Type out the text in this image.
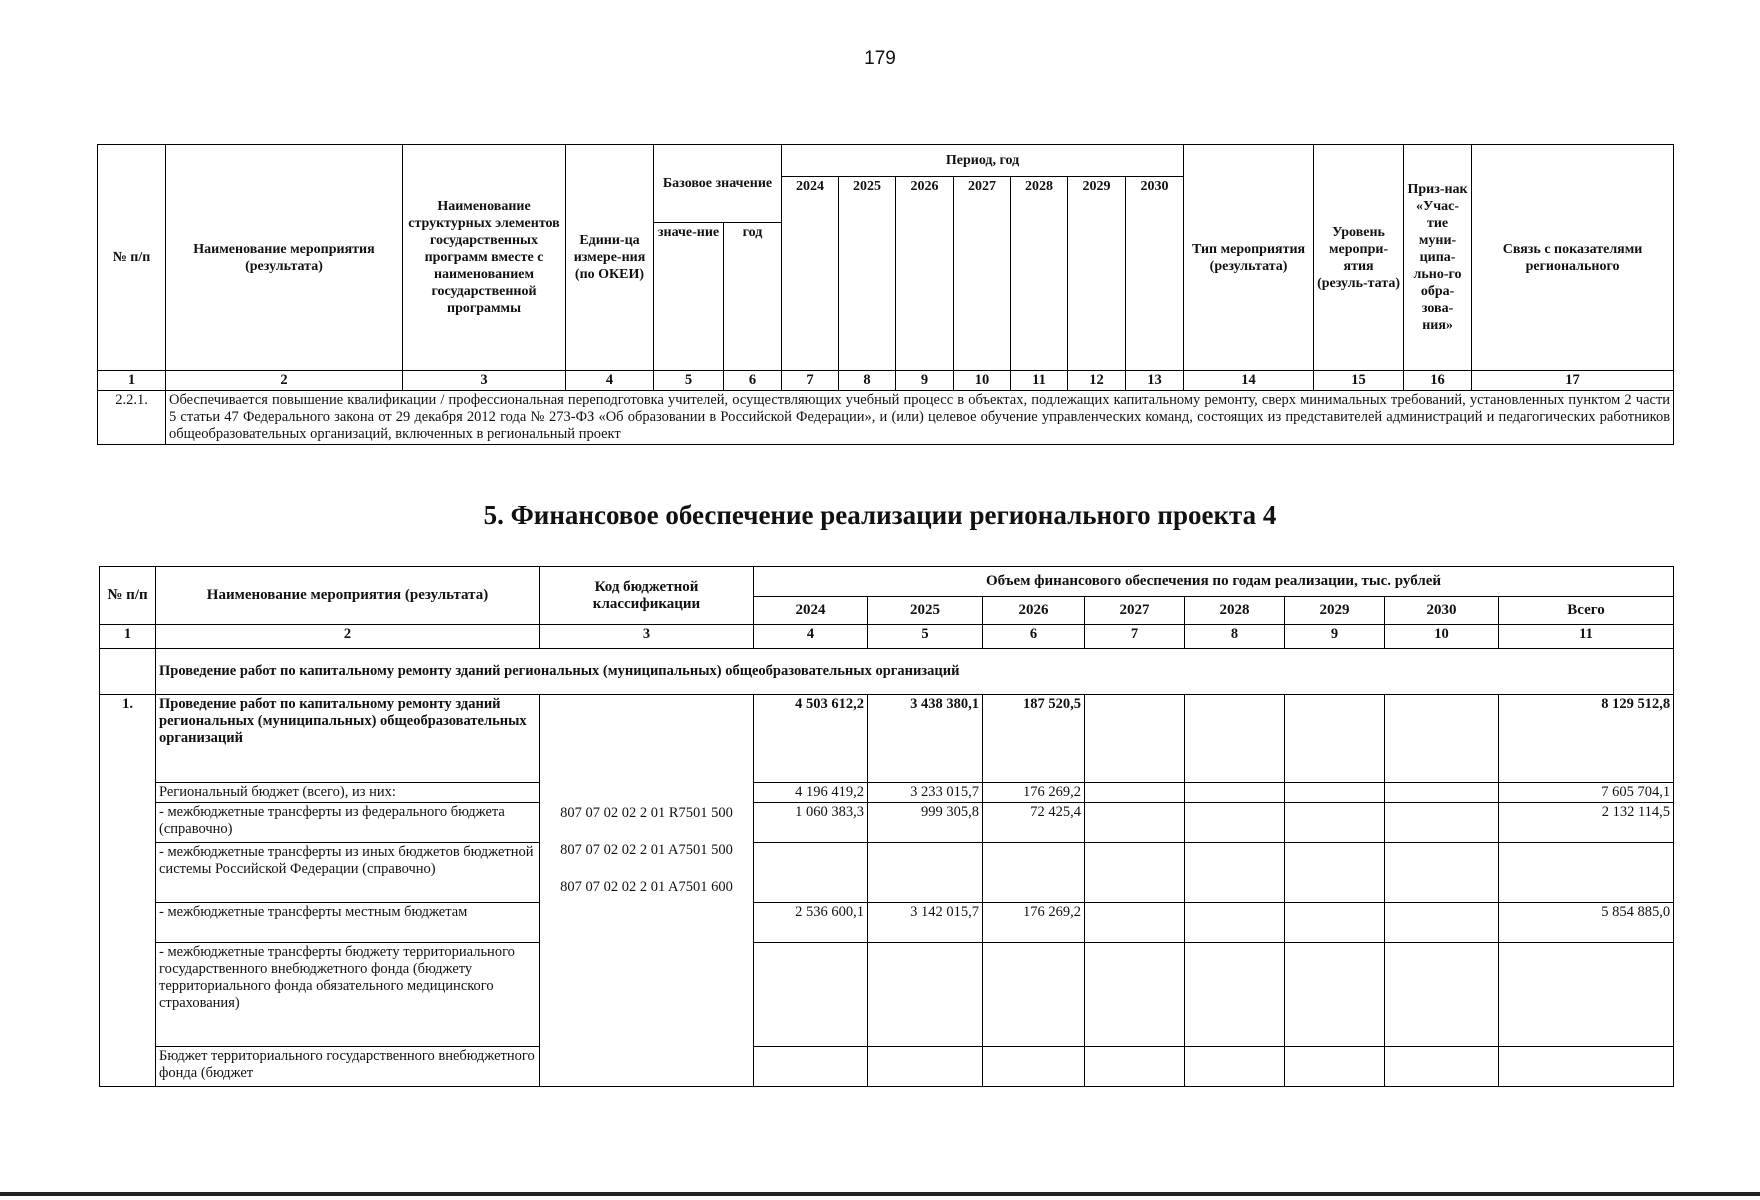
179
№ п/п	Наименование мероприятия (результата)	Наименование структурных элементов государственных программ вместе с наименованием государственной программы	Едини-ца измере-ния (по ОКЕИ)	Базовое значение		Период, год							Тип мероприятия (результата)	Уровень меропри-ятия (резуль-тата)	Приз-нак «Учас-тие муни-ципа-льно-го обра-зова-ния»	Связь с показателями регионального
						2024	2025	2026	2027	2028	2029	2030				
				значе-ние	год											
1	2	3	4	5	6	7	8	9	10	11	12	13	14	15	16	17
2.2.1.	Обеспечивается повышение квалификации / профессиональная переподготовка учителей, осуществляющих учебный процесс в объектах, подлежащих капитальному ремонту, сверх минимальных требований, установленных пунктом 2 части 5 статьи 47 Федерального закона от 29 декабря 2012 года № 273-ФЗ «Об образовании в Российской Федерации», и (или) целевое обучение управленческих команд, состоящих из представителей администраций и педагогических работников общеобразовательных организаций, включенных в региональный проект															
5. Финансовое обеспечение реализации регионального проекта 4
№ п/п	Наименование мероприятия (результата)	Код бюджетной классификации	Объем финансового обеспечения по годам реализации, тыс. рублей							
			2024	2025	2026	2027	2028	2029	2030	Всего
1	2	3	4	5	6	7	8	9	10	11
	Проведение работ по капитальному ремонту зданий региональных (муниципальных) общеобразовательных организаций									
1.	Проведение работ по капитальному ремонту зданий региональных (муниципальных) общеобразовательных организаций	807 07 02 02 2 01 R7501 500
807 07 02 02 2 01 A7501 500
807 07 02 02 2 01 A7501 600	4 503 612,2	3 438 380,1	187 520,5					8 129 512,8
	Региональный бюджет (всего), из них:		4 196 419,2	3 233 015,7	176 269,2					7 605 704,1
	- межбюджетные трансферты из федерального бюджета (справочно)		1 060 383,3	999 305,8	72 425,4					2 132 114,5
	- межбюджетные трансферты из иных бюджетов бюджетной системы Российской Федерации (справочно)									
	- межбюджетные трансферты местным бюджетам		2 536 600,1	3 142 015,7	176 269,2					5 854 885,0
	- межбюджетные трансферты бюджету территориального государственного внебюджетного фонда (бюджету территориального фонда обязательного медицинского страхования)									
	Бюджет территориального государственного внебюджетного фонда (бюджет									
